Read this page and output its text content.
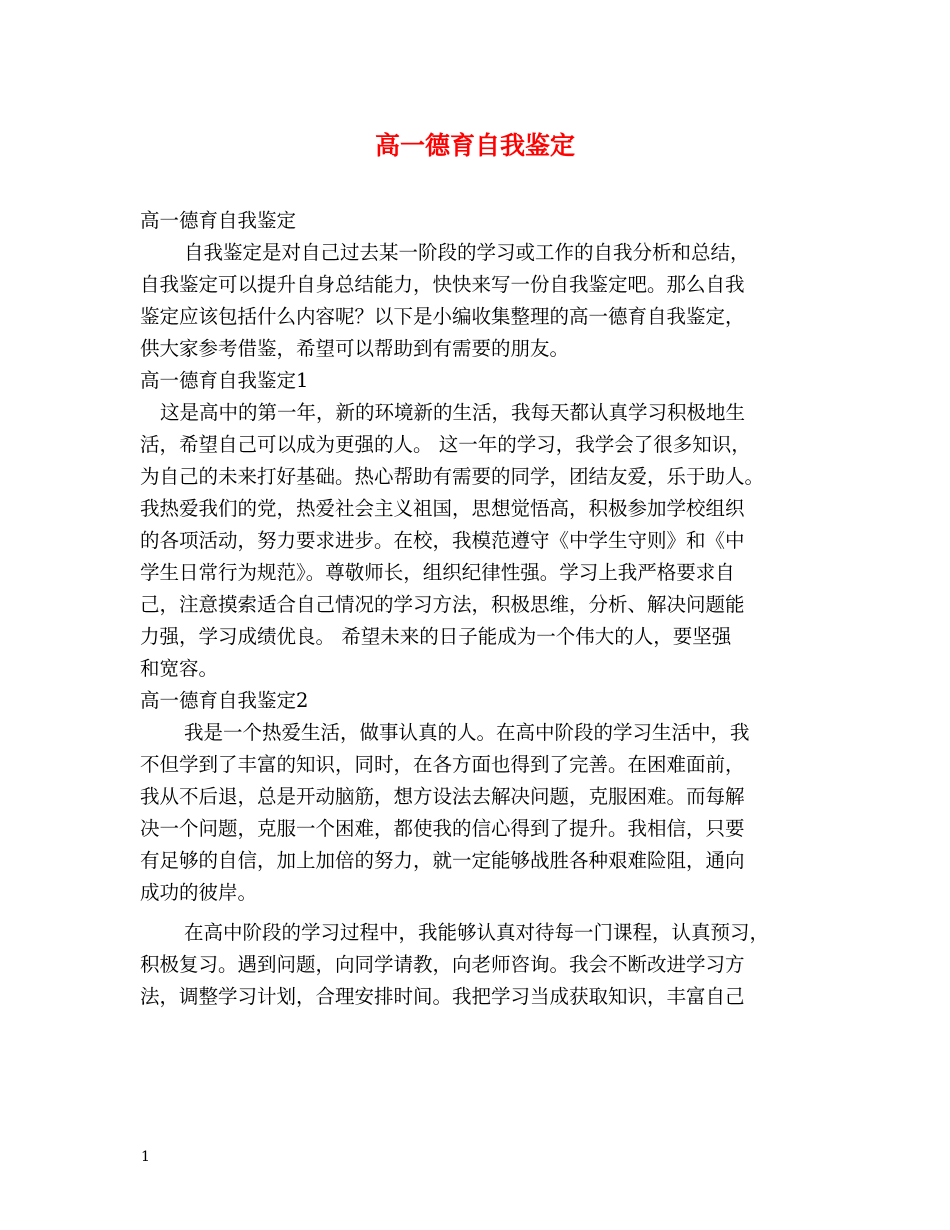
高一德育自我鉴定

高一德育自我鉴定

自我鉴定是对自己过去某一阶段的学习或工作的自我分析和总结，

自我鉴定可以提升自身总结能力，快快来写一份自我鉴定吧。那么自我

鉴定应该包括什么内容呢？以下是小编收集整理的高一德育自我鉴定，

供大家参考借鉴，希望可以帮助到有需要的朋友。

高一德育自我鉴定1

这是高中的第一年，新的环境新的生活，我每天都认真学习积极地生

活，希望自己可以成为更强的人。 这一年的学习，我学会了很多知识，

为自己的未来打好基础。热心帮助有需要的同学，团结友爱，乐于助人。

我热爱我们的党，热爱社会主义祖国，思想觉悟高，积极参加学校组织

的各项活动，努力要求进步。在校，我模范遵守《中学生守则》和《中

学生日常行为规范》。尊敬师长，组织纪律性强。学习上我严格要求自

己，注意摸索适合自己情况的学习方法，积极思维，分析、解决问题能

力强，学习成绩优良。 希望未来的日子能成为一个伟大的人，要坚强

和宽容。

高一德育自我鉴定2

我是一个热爱生活，做事认真的人。在高中阶段的学习生活中，我

不但学到了丰富的知识，同时，在各方面也得到了完善。在困难面前，

我从不后退，总是开动脑筋，想方设法去解决问题，克服困难。而每解

决一个问题，克服一个困难，都使我的信心得到了提升。我相信，只要

有足够的自信，加上加倍的努力，就一定能够战胜各种艰难险阻，通向

成功的彼岸。

在高中阶段的学习过程中，我能够认真对待每一门课程，认真预习，

积极复习。遇到问题，向同学请教，向老师咨询。我会不断改进学习方

法，调整学习计划，合理安排时间。我把学习当成获取知识，丰富自己

1
